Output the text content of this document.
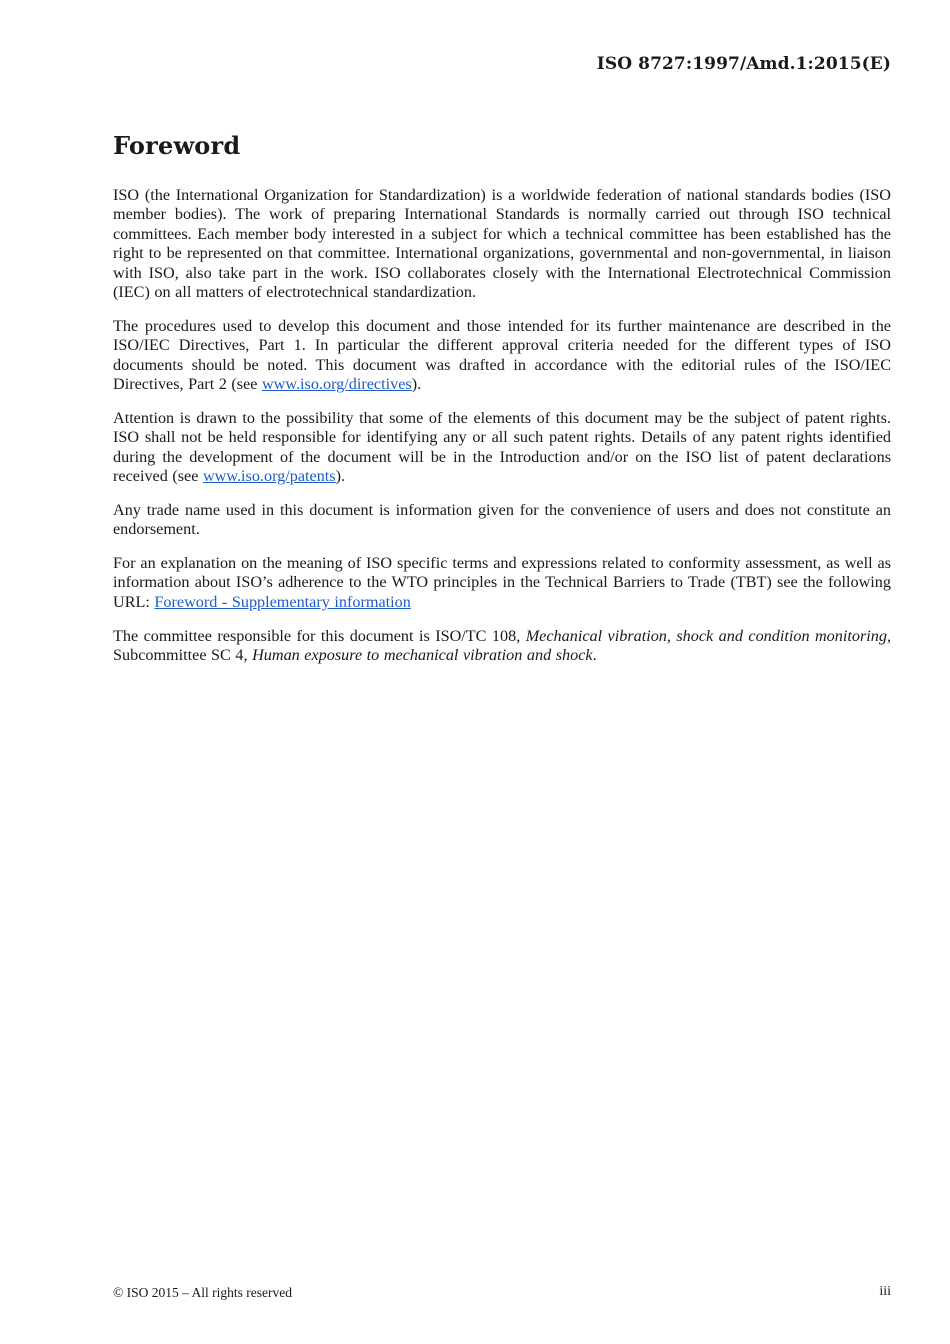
ISO 8727:1997/Amd.1:2015(E)
Foreword

ISO (the International Organization for Standardization) is a worldwide federation of national standards bodies (ISO member bodies). The work of preparing International Standards is normally carried out through ISO technical committees. Each member body interested in a subject for which a technical committee has been established has the right to be represented on that committee. International organizations, governmental and non-governmental, in liaison with ISO, also take part in the work. ISO collaborates closely with the International Electrotechnical Commission (IEC) on all matters of electrotechnical standardization.

The procedures used to develop this document and those intended for its further maintenance are described in the ISO/IEC Directives, Part 1. In particular the different approval criteria needed for the different types of ISO documents should be noted. This document was drafted in accordance with the editorial rules of the ISO/IEC Directives, Part 2 (see www.iso.org/directives).

Attention is drawn to the possibility that some of the elements of this document may be the subject of patent rights. ISO shall not be held responsible for identifying any or all such patent rights. Details of any patent rights identified during the development of the document will be in the Introduction and/or on the ISO list of patent declarations received (see www.iso.org/patents).

Any trade name used in this document is information given for the convenience of users and does not constitute an endorsement.

For an explanation on the meaning of ISO specific terms and expressions related to conformity assessment, as well as information about ISO’s adherence to the WTO principles in the Technical Barriers to Trade (TBT) see the following URL: Foreword - Supplementary information

The committee responsible for this document is ISO/TC 108, Mechanical vibration, shock and condition monitoring, Subcommittee SC 4, Human exposure to mechanical vibration and shock.

© ISO 2015 – All rights reserved	iii
